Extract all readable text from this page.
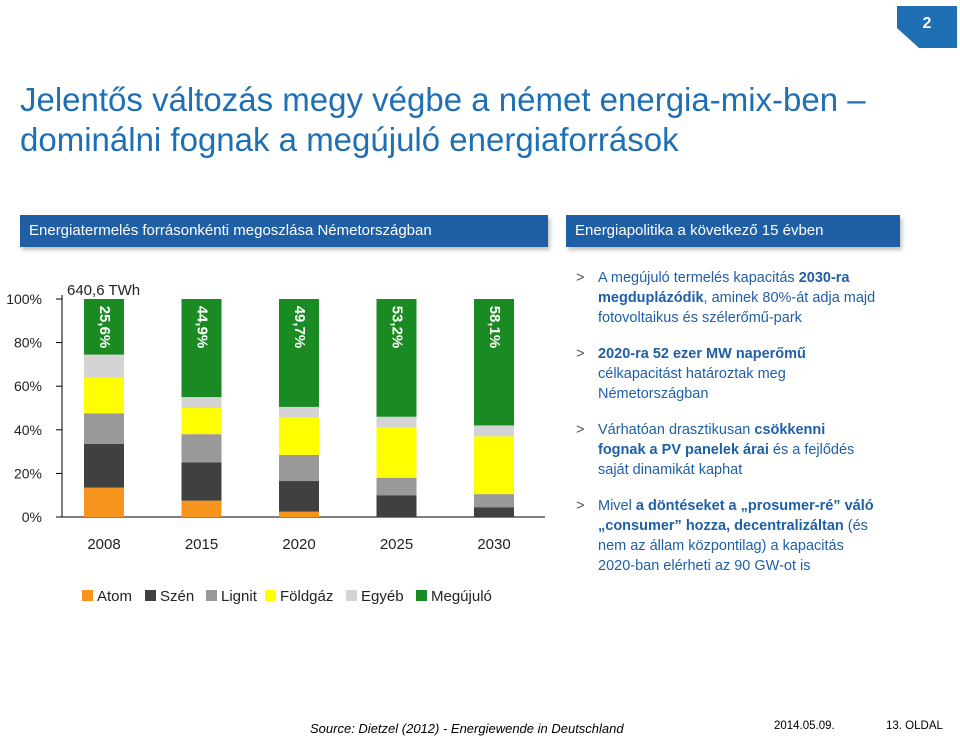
2
Jelentős változás megy végbe a német energia-mix-ben – dominálni fognak a megújuló energiaforrások
Energiatermelés forrásonkénti megoszlása Németországban	Energiapolitika a következő 15 évben
0%
20%
40%
60%
80%
100%
25,6%
2008
44,9%
2015
49,7%
2020
53,2%
2025
58,1%
2030
640,6 TWh
Atom Szén Lignit Földgáz Egyéb Megújuló
> A megújuló termelés kapacitás 2030-ra megduplázódik, aminek 80%-át adja majd fotovoltaikus és szélerőmű-park
> 2020-ra 52 ezer MW naperőmű célkapacitást határoztak meg Németországban
> Várhatóan drasztikusan csökkenni fognak a PV panelek árai és a fejlődés saját dinamikát kaphat
> Mivel a döntéseket a „prosumer-ré” váló „consumer” hozza, decentralizáltan (és nem az állam központilag) a kapacitás 2020-ban elérheti az 90 GW-ot is
Source: Dietzel (2012) - Energiewende in Deutschland	2014.05.09.	13. OLDAL
